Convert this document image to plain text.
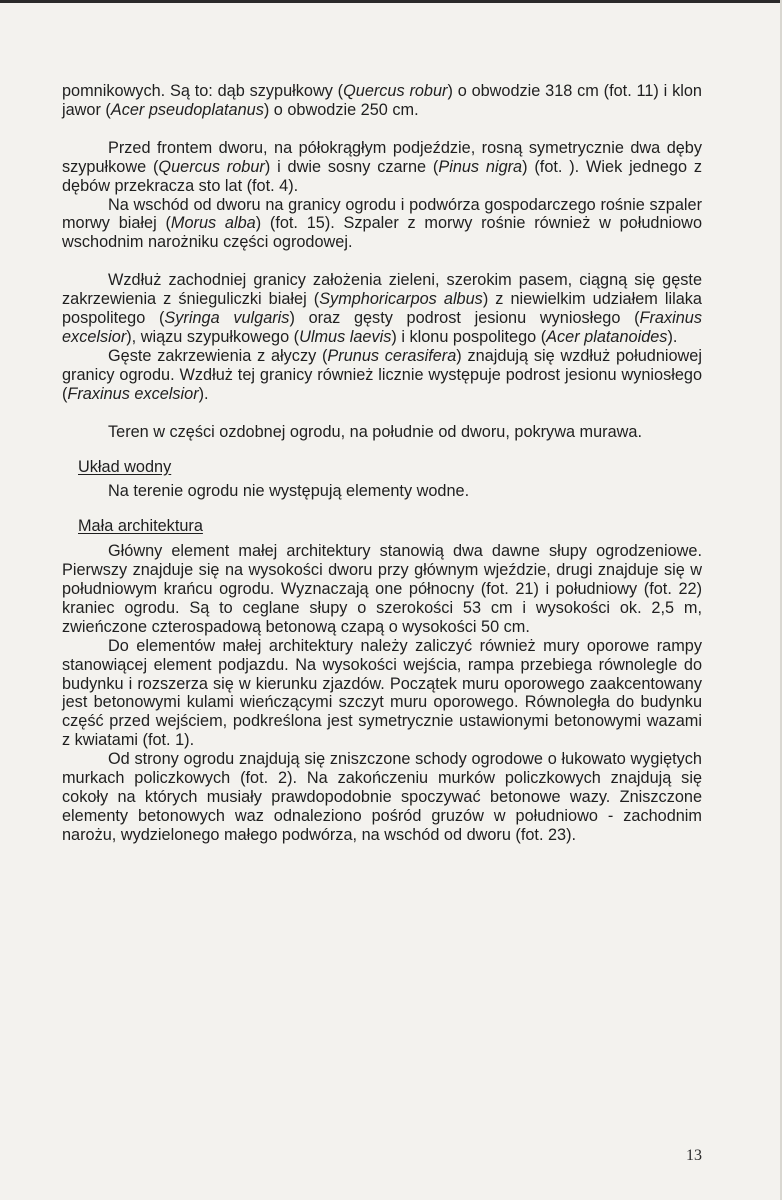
pomnikowych. Są to: dąb szypułkowy (Quercus robur) o obwodzie 318 cm (fot. 11) i klon jawor (Acer pseudoplatanus) o obwodzie 250 cm.

Przed frontem dworu, na półokrągłym podjeździe, rosną symetrycznie dwa dęby szypułkowe (Quercus robur) i dwie sosny czarne (Pinus nigra) (fot. ). Wiek jednego z dębów przekracza sto lat (fot. 4).

Na wschód od dworu na granicy ogrodu i podwórza gospodarczego rośnie szpaler morwy białej (Morus alba) (fot. 15). Szpaler z morwy rośnie również w południowo wschodnim narożniku części ogrodowej.

Wzdłuż zachodniej granicy założenia zieleni, szerokim pasem, ciągną się gęste zakrzewienia z śnieguliczki białej (Symphoricarpos albus) z niewielkim udziałem lilaka pospolitego (Syringa vulgaris) oraz gęsty podrost jesionu wyniosłego (Fraxinus excelsior), wiązu szypułkowego (Ulmus laevis) i klonu pospolitego (Acer platanoides).

Gęste zakrzewienia z ałyczy (Prunus cerasifera) znajdują się wzdłuż południowej granicy ogrodu. Wzdłuż tej granicy również licznie występuje podrost jesionu wyniosłego (Fraxinus excelsior).

Teren w części ozdobnej ogrodu, na południe od dworu, pokrywa murawa.

Układ wodny

Na terenie ogrodu nie występują elementy wodne.

Mała architektura

Główny element małej architektury stanowią dwa dawne słupy ogrodzeniowe. Pierwszy znajduje się na wysokości dworu przy głównym wjeździe, drugi znajduje się w południowym krańcu ogrodu. Wyznaczają one północny (fot. 21) i południowy (fot. 22) kraniec ogrodu. Są to ceglane słupy o szerokości 53 cm i wysokości ok. 2,5 m, zwieńczone czterospadową betonową czapą o wysokości 50 cm.

Do elementów małej architektury należy zaliczyć również mury oporowe rampy stanowiącej element podjazdu. Na wysokości wejścia, rampa przebiega równolegle do budynku i rozszerza się w kierunku zjazdów. Początek muru oporowego zaakcentowany jest betonowymi kulami wieńczącymi szczyt muru oporowego. Równoległa do budynku część przed wejściem, podkreślona jest symetrycznie ustawionymi betonowymi wazami z kwiatami (fot. 1).

Od strony ogrodu znajdują się zniszczone schody ogrodowe o łukowato wygiętych murkach policzkowych (fot. 2). Na zakończeniu murków policzkowych znajdują się cokoły na których musiały prawdopodobnie spoczywać betonowe wazy. Zniszczone elementy betonowych waz odnaleziono pośród gruzów w południowo - zachodnim narożu, wydzielonego małego podwórza, na wschód od dworu (fot. 23).

13
